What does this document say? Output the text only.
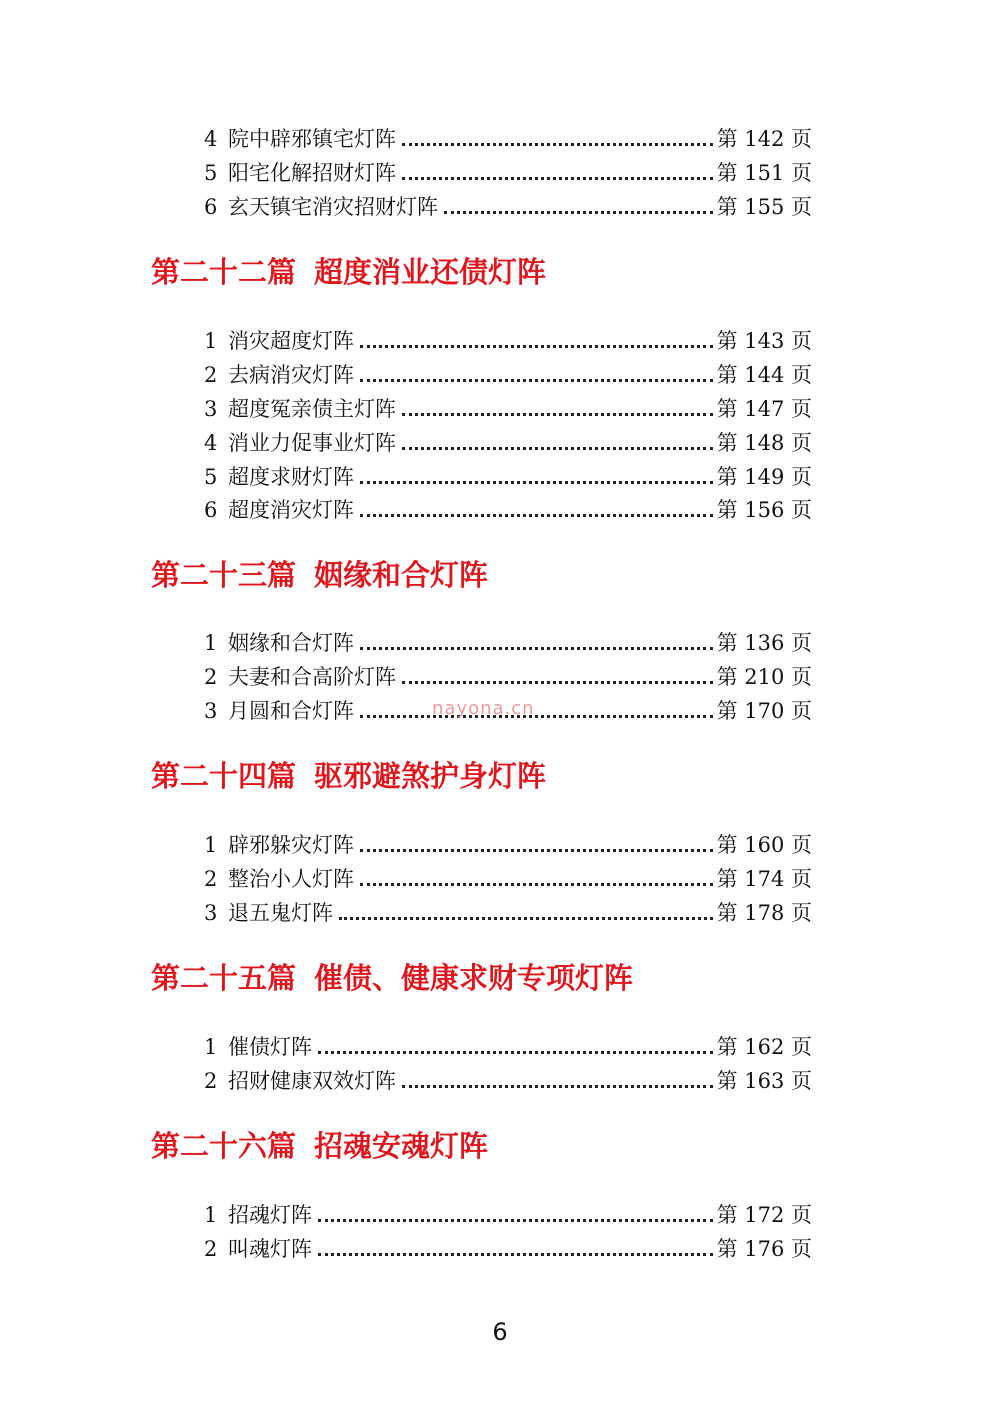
4 院中辟邪镇宅灯阵	第 142 页
5 阳宅化解招财灯阵	第 151 页
6 玄天镇宅消灾招财灯阵	第 155 页
第二十二篇 超度消业还债灯阵
1 消灾超度灯阵	第 143 页
2 去病消灾灯阵	第 144 页
3 超度冤亲债主灯阵	第 147 页
4 消业力促事业灯阵	第 148 页
5 超度求财灯阵	第 149 页
6 超度消灾灯阵	第 156 页
第二十三篇 姻缘和合灯阵
1 姻缘和合灯阵	第 136 页
2 夫妻和合高阶灯阵	第 210 页
3 月圆和合灯阵	第 170 页
第二十四篇 驱邪避煞护身灯阵
1 辟邪躲灾灯阵	第 160 页
2 整治小人灯阵	第 174 页
3 退五鬼灯阵	第 178 页
第二十五篇 催债、健康求财专项灯阵
1 催债灯阵	第 162 页
2 招财健康双效灯阵	第 163 页
第二十六篇 招魂安魂灯阵
1 招魂灯阵	第 172 页
2 叫魂灯阵	第 176 页
nayona.cn
6
